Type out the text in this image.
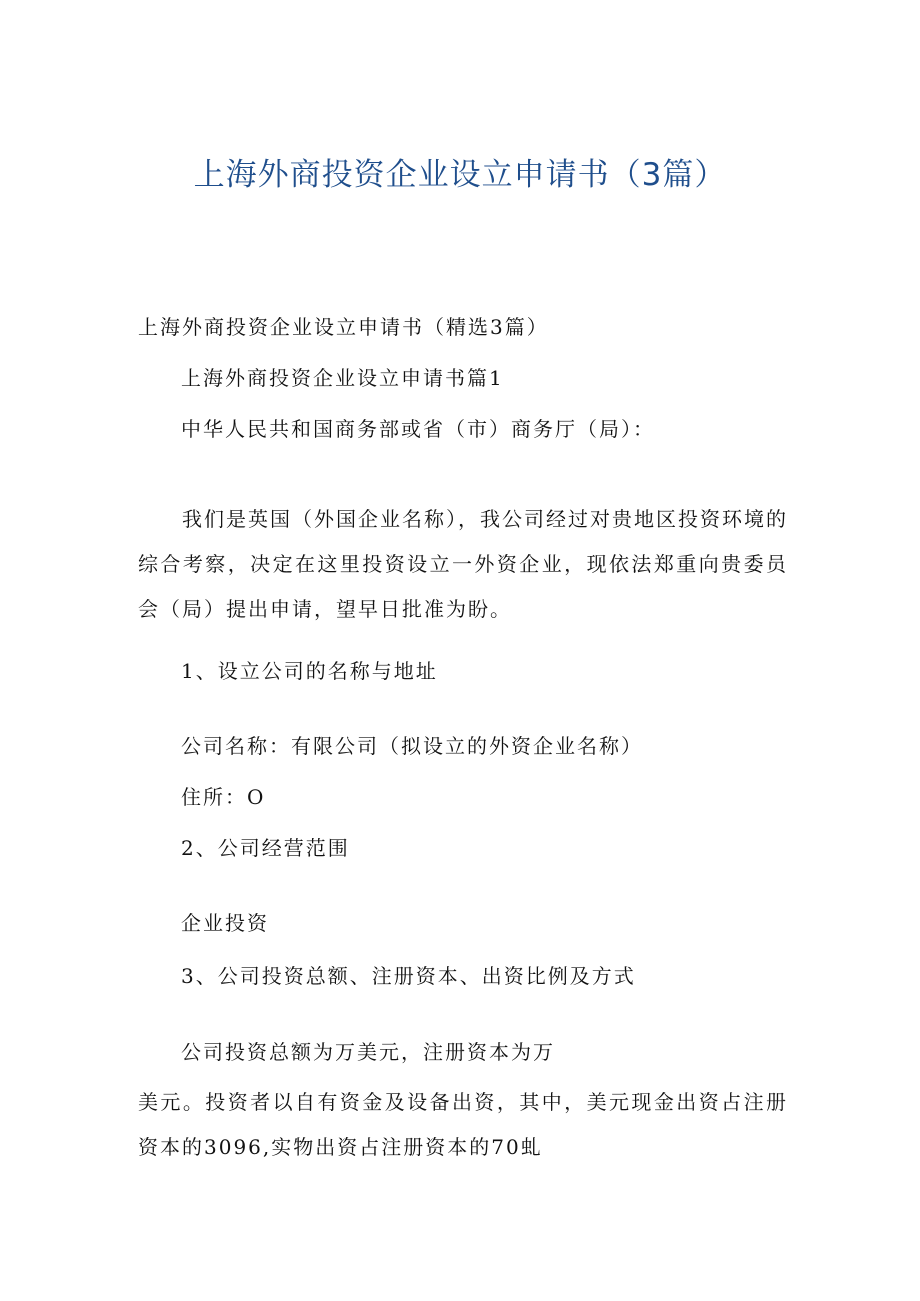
上海外商投资企业设立申请书（3篇）

上海外商投资企业设立申请书（精选3篇）

上海外商投资企业设立申请书篇1

中华人民共和国商务部或省（市）商务厅（局）：

我们是英国（外国企业名称），我公司经过对贵地区投资环境的综合考察，决定在这里投资设立一外资企业，现依法郑重向贵委员会（局）提出申请，望早日批准为盼。

1、设立公司的名称与地址

公司名称：有限公司（拟设立的外资企业名称）

住所：O

2、公司经营范围

企业投资

3、公司投资总额、注册资本、出资比例及方式

公司投资总额为万美元，注册资本为万

美元。投资者以自有资金及设备出资，其中，美元现金出资占注册资本的3096,实物出资占注册资本的70虬
